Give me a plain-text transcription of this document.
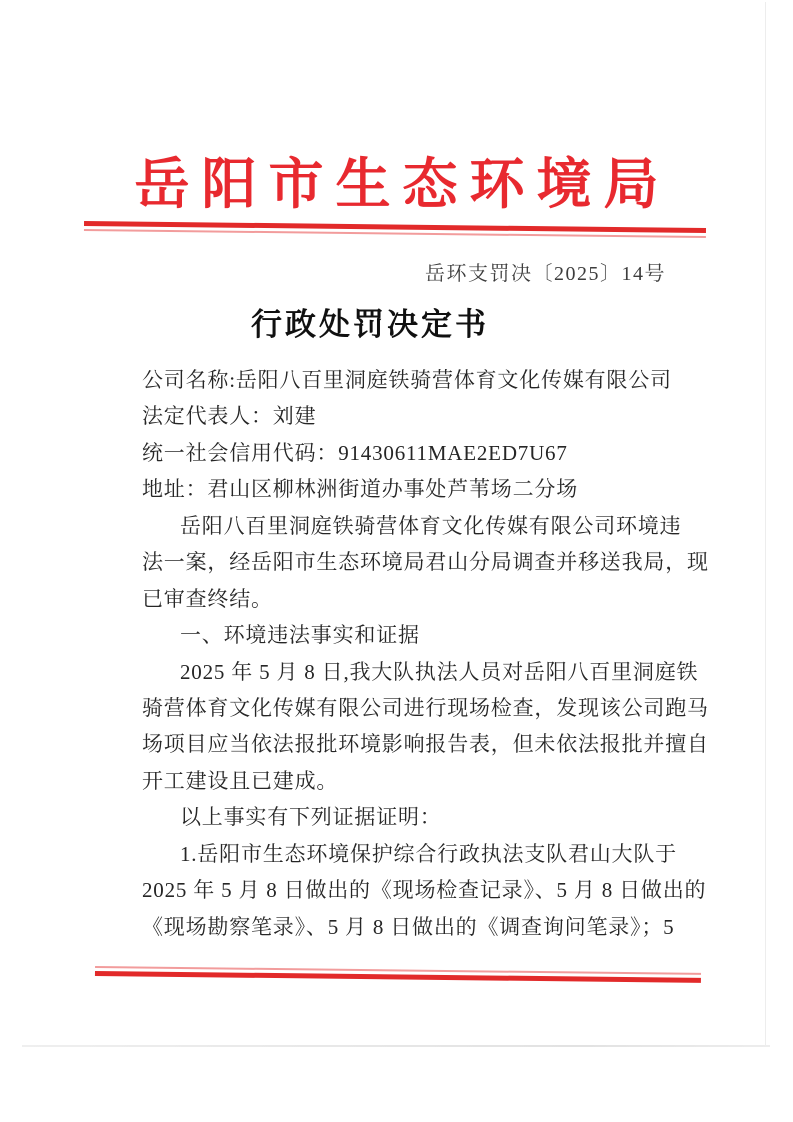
岳阳市生态环境局
岳环支罚决〔2025〕14号
行政处罚决定书
公司名称:岳阳八百里洞庭铁骑营体育文化传媒有限公司
法定代表人：刘建
统一社会信用代码：91430611MAE2ED7U67
地址：君山区柳林洲街道办事处芦苇场二分场
岳阳八百里洞庭铁骑营体育文化传媒有限公司环境违
法一案，经岳阳市生态环境局君山分局调查并移送我局，现
已审查终结。
一、环境违法事实和证据
2025 年 5 月 8 日,我大队执法人员对岳阳八百里洞庭铁
骑营体育文化传媒有限公司进行现场检查，发现该公司跑马
场项目应当依法报批环境影响报告表，但未依法报批并擅自
开工建设且已建成。
以上事实有下列证据证明：
1.岳阳市生态环境保护综合行政执法支队君山大队于
2025 年 5 月 8 日做出的《现场检查记录》、5 月 8 日做出的
《现场勘察笔录》、5 月 8 日做出的《调查询问笔录》；5
